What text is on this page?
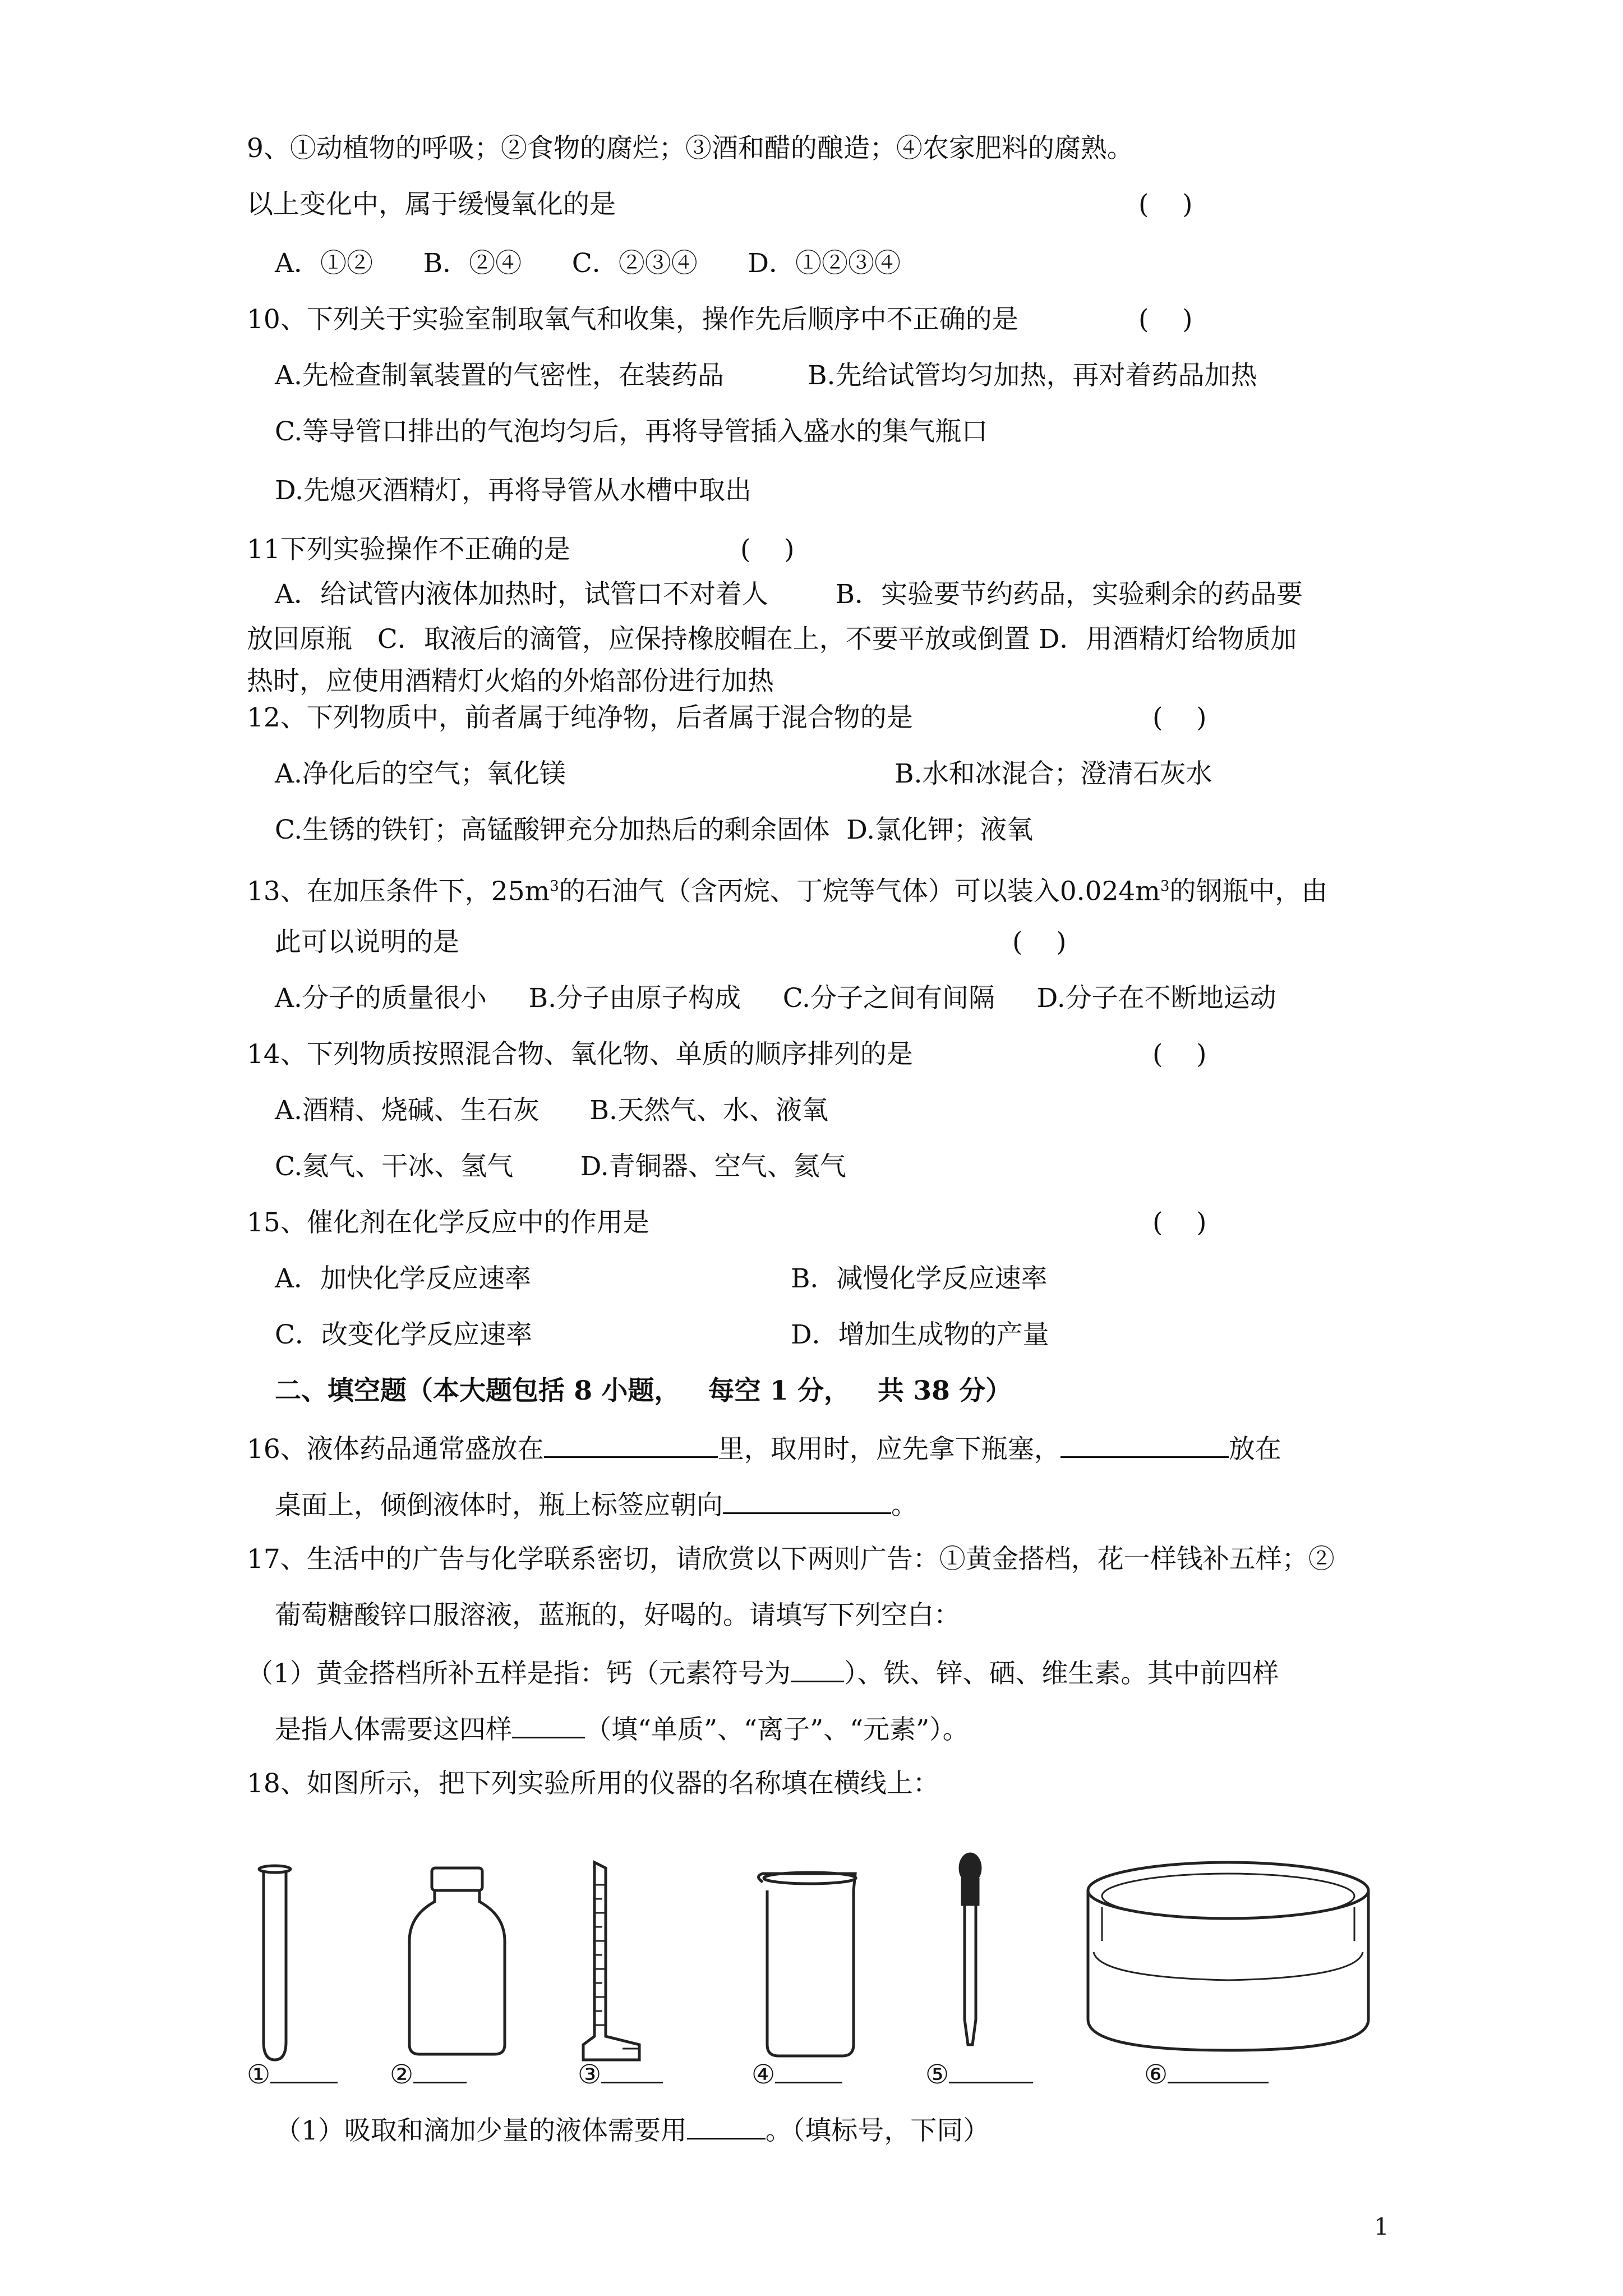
9、①动植物的呼吸；②食物的腐烂；③酒和醋的酿造；④农家肥料的腐熟。
以上变化中，属于缓慢氧化的是	(    )
A．①②      B．②④      C．②③④      D．①②③④
10、下列关于实验室制取氧气和收集，操作先后顺序中不正确的是	(    )
A.先检查制氧装置的气密性，在装药品	B.先给试管均匀加热，再对着药品加热
C.等导管口排出的气泡均匀后，再将导管插入盛水的集气瓶口
D.先熄灭酒精灯，再将导管从水槽中取出
11下列实验操作不正确的是	(    )
A．给试管内液体加热时，试管口不对着人        B．实验要节约药品，实验剩余的药品要
放回原瓶   C．取液后的滴管，应保持橡胶帽在上，不要平放或倒置 D．用酒精灯给物质加
热时，应使用酒精灯火焰的外焰部份进行加热
12、下列物质中，前者属于纯净物，后者属于混合物的是	(    )
A.净化后的空气；氧化镁	B.水和冰混合；澄清石灰水
C.生锈的铁钉；高锰酸钾充分加热后的剩余固体  D.氯化钾；液氧
13、在加压条件下，$25m^3$的石油气（含丙烷、丁烷等气体）可以装入$0.024m^3$的钢瓶中，由
此可以说明的是	(    )
A.分子的质量很小     B.分子由原子构成     C.分子之间有间隔     D.分子在不断地运动
14、下列物质按照混合物、氧化物、单质的顺序排列的是	(    )
A.酒精、烧碱、生石灰      B.天然气、水、液氧
C.氦气、干冰、氢气        D.青铜器、空气、氦气
15、催化剂在化学反应中的作用是	(    )
A．加快化学反应速率	B．减慢化学反应速率
C．改变化学反应速率	D．增加生成物的产量
二、填空题（本大题包括 8 小题，   每空 1 分，   共 38 分）
16、液体药品通常盛放在	里，取用时，应先拿下瓶塞，	放在
桌面上，倾倒液体时，瓶上标签应朝向	。
17、生活中的广告与化学联系密切，请欣赏以下两则广告：①黄金搭档，花一样钱补五样；②
葡萄糖酸锌口服溶液，蓝瓶的，好喝的。请填写下列空白：
（1）黄金搭档所补五样是指：钙（元素符号为 ）、铁、锌、硒、维生素。其中前四样
是指人体需要这四样	（填“单质”、“离子”、“元素”）。
18、如图所示，把下列实验所用的仪器的名称填在横线上：
①	②	③	④	⑤	⑥
（1）吸取和滴加少量的液体需要用	。（填标号，下同）
1
